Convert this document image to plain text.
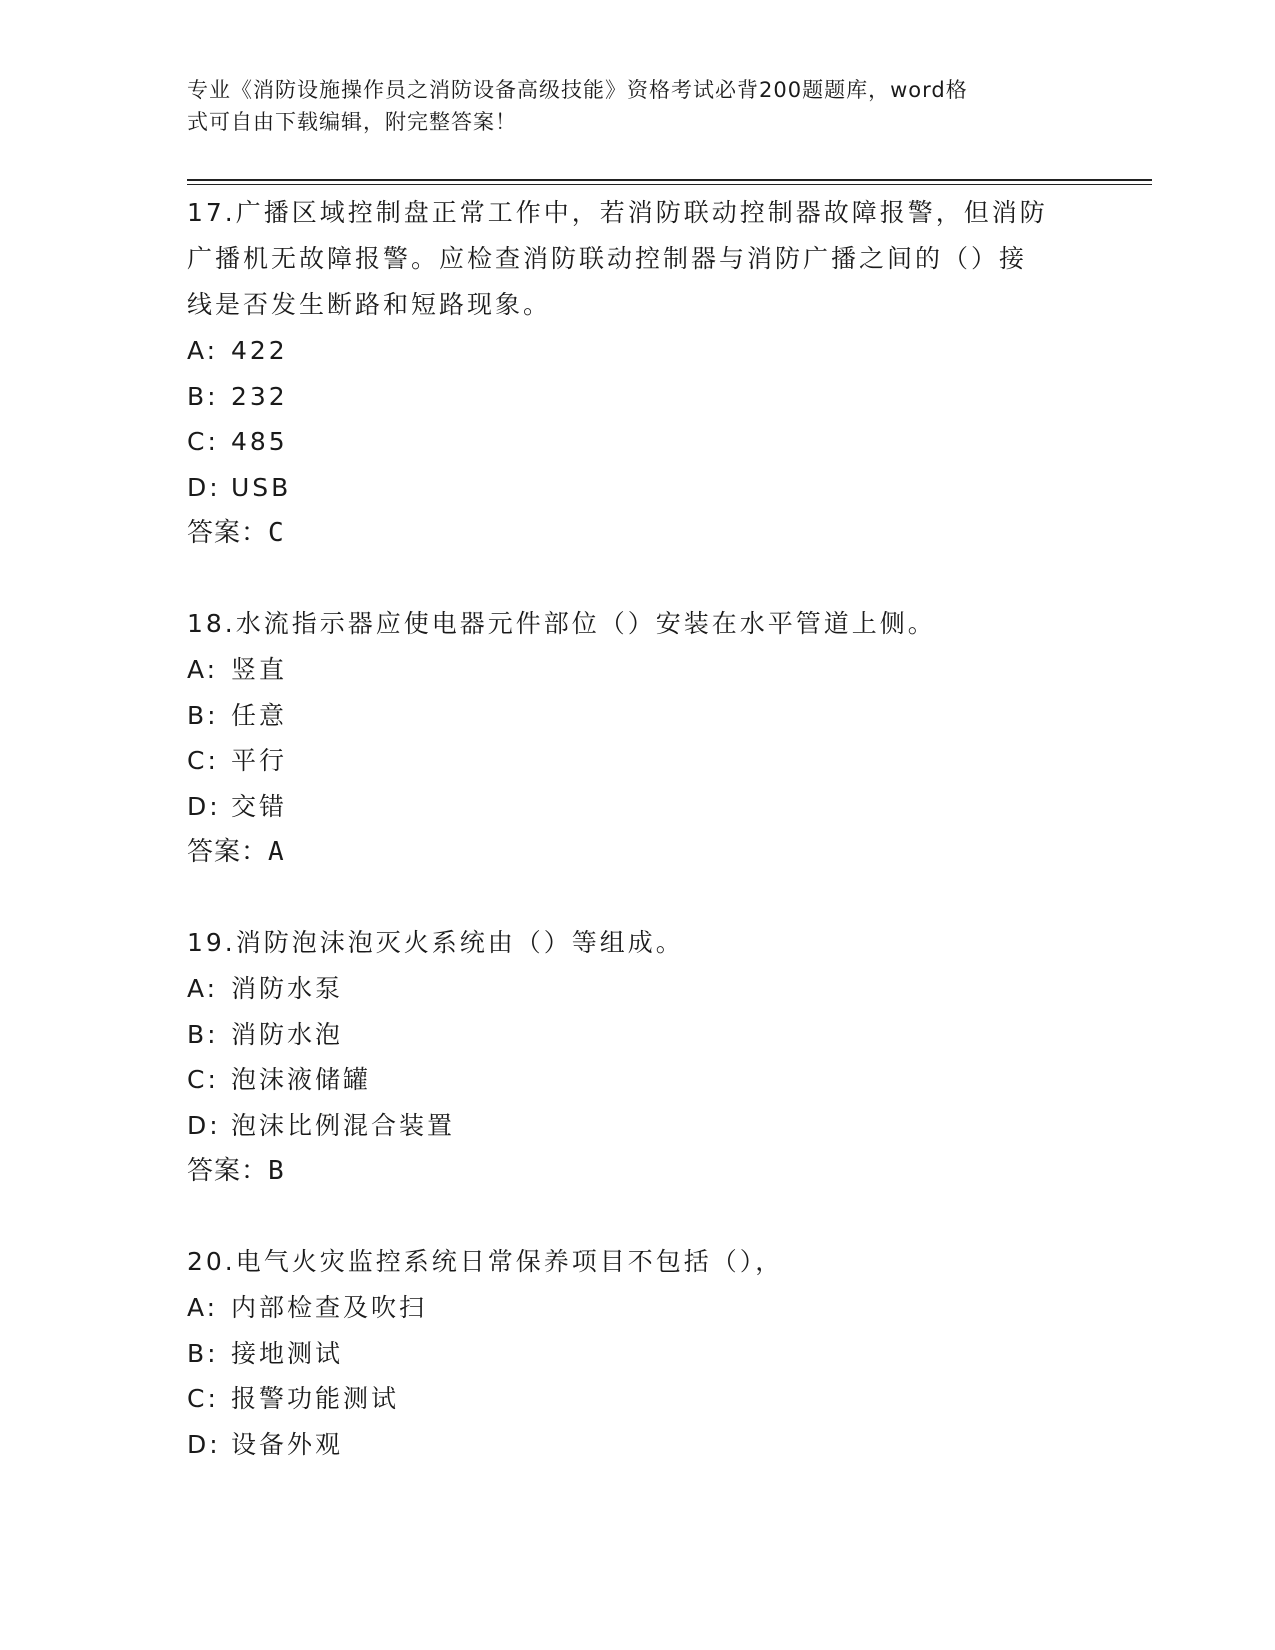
专业《消防设施操作员之消防设备高级技能》资格考试必背200题题库，word格
式可自由下载编辑，附完整答案！

17.广播区域控制盘正常工作中，若消防联动控制器故障报警，但消防

广播机无故障报警。应检查消防联动控制器与消防广播之间的（）接

线是否发生断路和短路现象。

A: 422

B: 232

C: 485

D: USB

答案：C

18.水流指示器应使电器元件部位（）安装在水平管道上侧。

A: 竖直

B: 任意

C: 平行

D: 交错

答案：A

19.消防泡沫泡灭火系统由（）等组成。

A: 消防水泵

B: 消防水泡

C: 泡沫液储罐

D: 泡沫比例混合装置

答案：B

20.电气火灾监控系统日常保养项目不包括（），

A: 内部检查及吹扫

B: 接地测试

C: 报警功能测试

D: 设备外观
